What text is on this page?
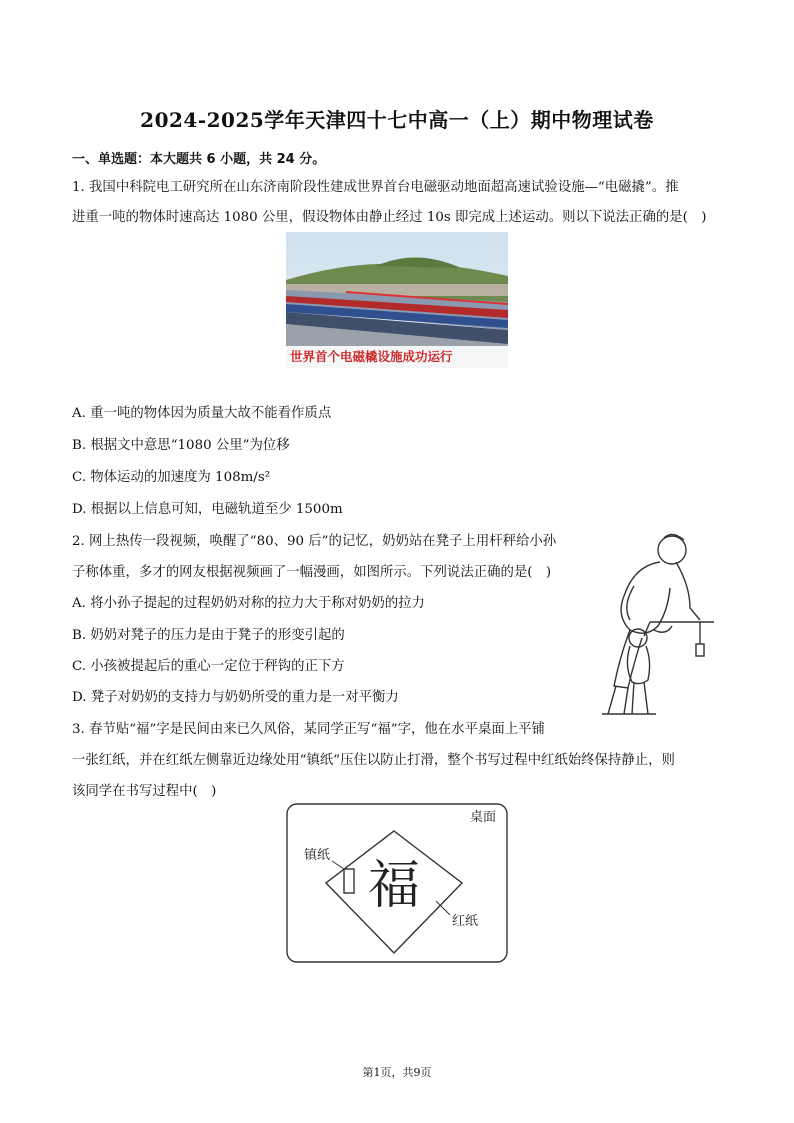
2024-2025学年天津四十七中高一（上）期中物理试卷
一、单选题：本大题共 6 小题，共 24 分。
1. 我国中科院电工研究所在山东济南阶段性建成世界首台电磁驱动地面超高速试验设施—“电磁撬”。推
进重一吨的物体时速高达 1080 公里，假设物体由静止经过 10s 即完成上述运动。则以下说法正确的是(　)
世界首个电磁橇设施成功运行
A. 重一吨的物体因为质量大故不能看作质点
B. 根据文中意思“1080 公里”为位移
C. 物体运动的加速度为 108m/s²
D. 根据以上信息可知，电磁轨道至少 1500m
2. 网上热传一段视频，唤醒了“80、90 后”的记忆，奶奶站在凳子上用杆秤给小孙
子称体重，多才的网友根据视频画了一幅漫画，如图所示。下列说法正确的是(　)
A. 将小孙子提起的过程奶奶对称的拉力大于称对奶奶的拉力
B. 奶奶对凳子的压力是由于凳子的形变引起的
C. 小孩被提起后的重心一定位于秤钩的正下方
D. 凳子对奶奶的支持力与奶奶所受的重力是一对平衡力
3. 春节贴“福”字是民间由来已久风俗，某同学正写“福”字，他在水平桌面上平铺
一张红纸，并在红纸左侧靠近边缘处用“镇纸”压住以防止打滑，整个书写过程中红纸始终保持静止，则
该同学在书写过程中(　)
福
桌面
镇纸
红纸
第1页，共9页
